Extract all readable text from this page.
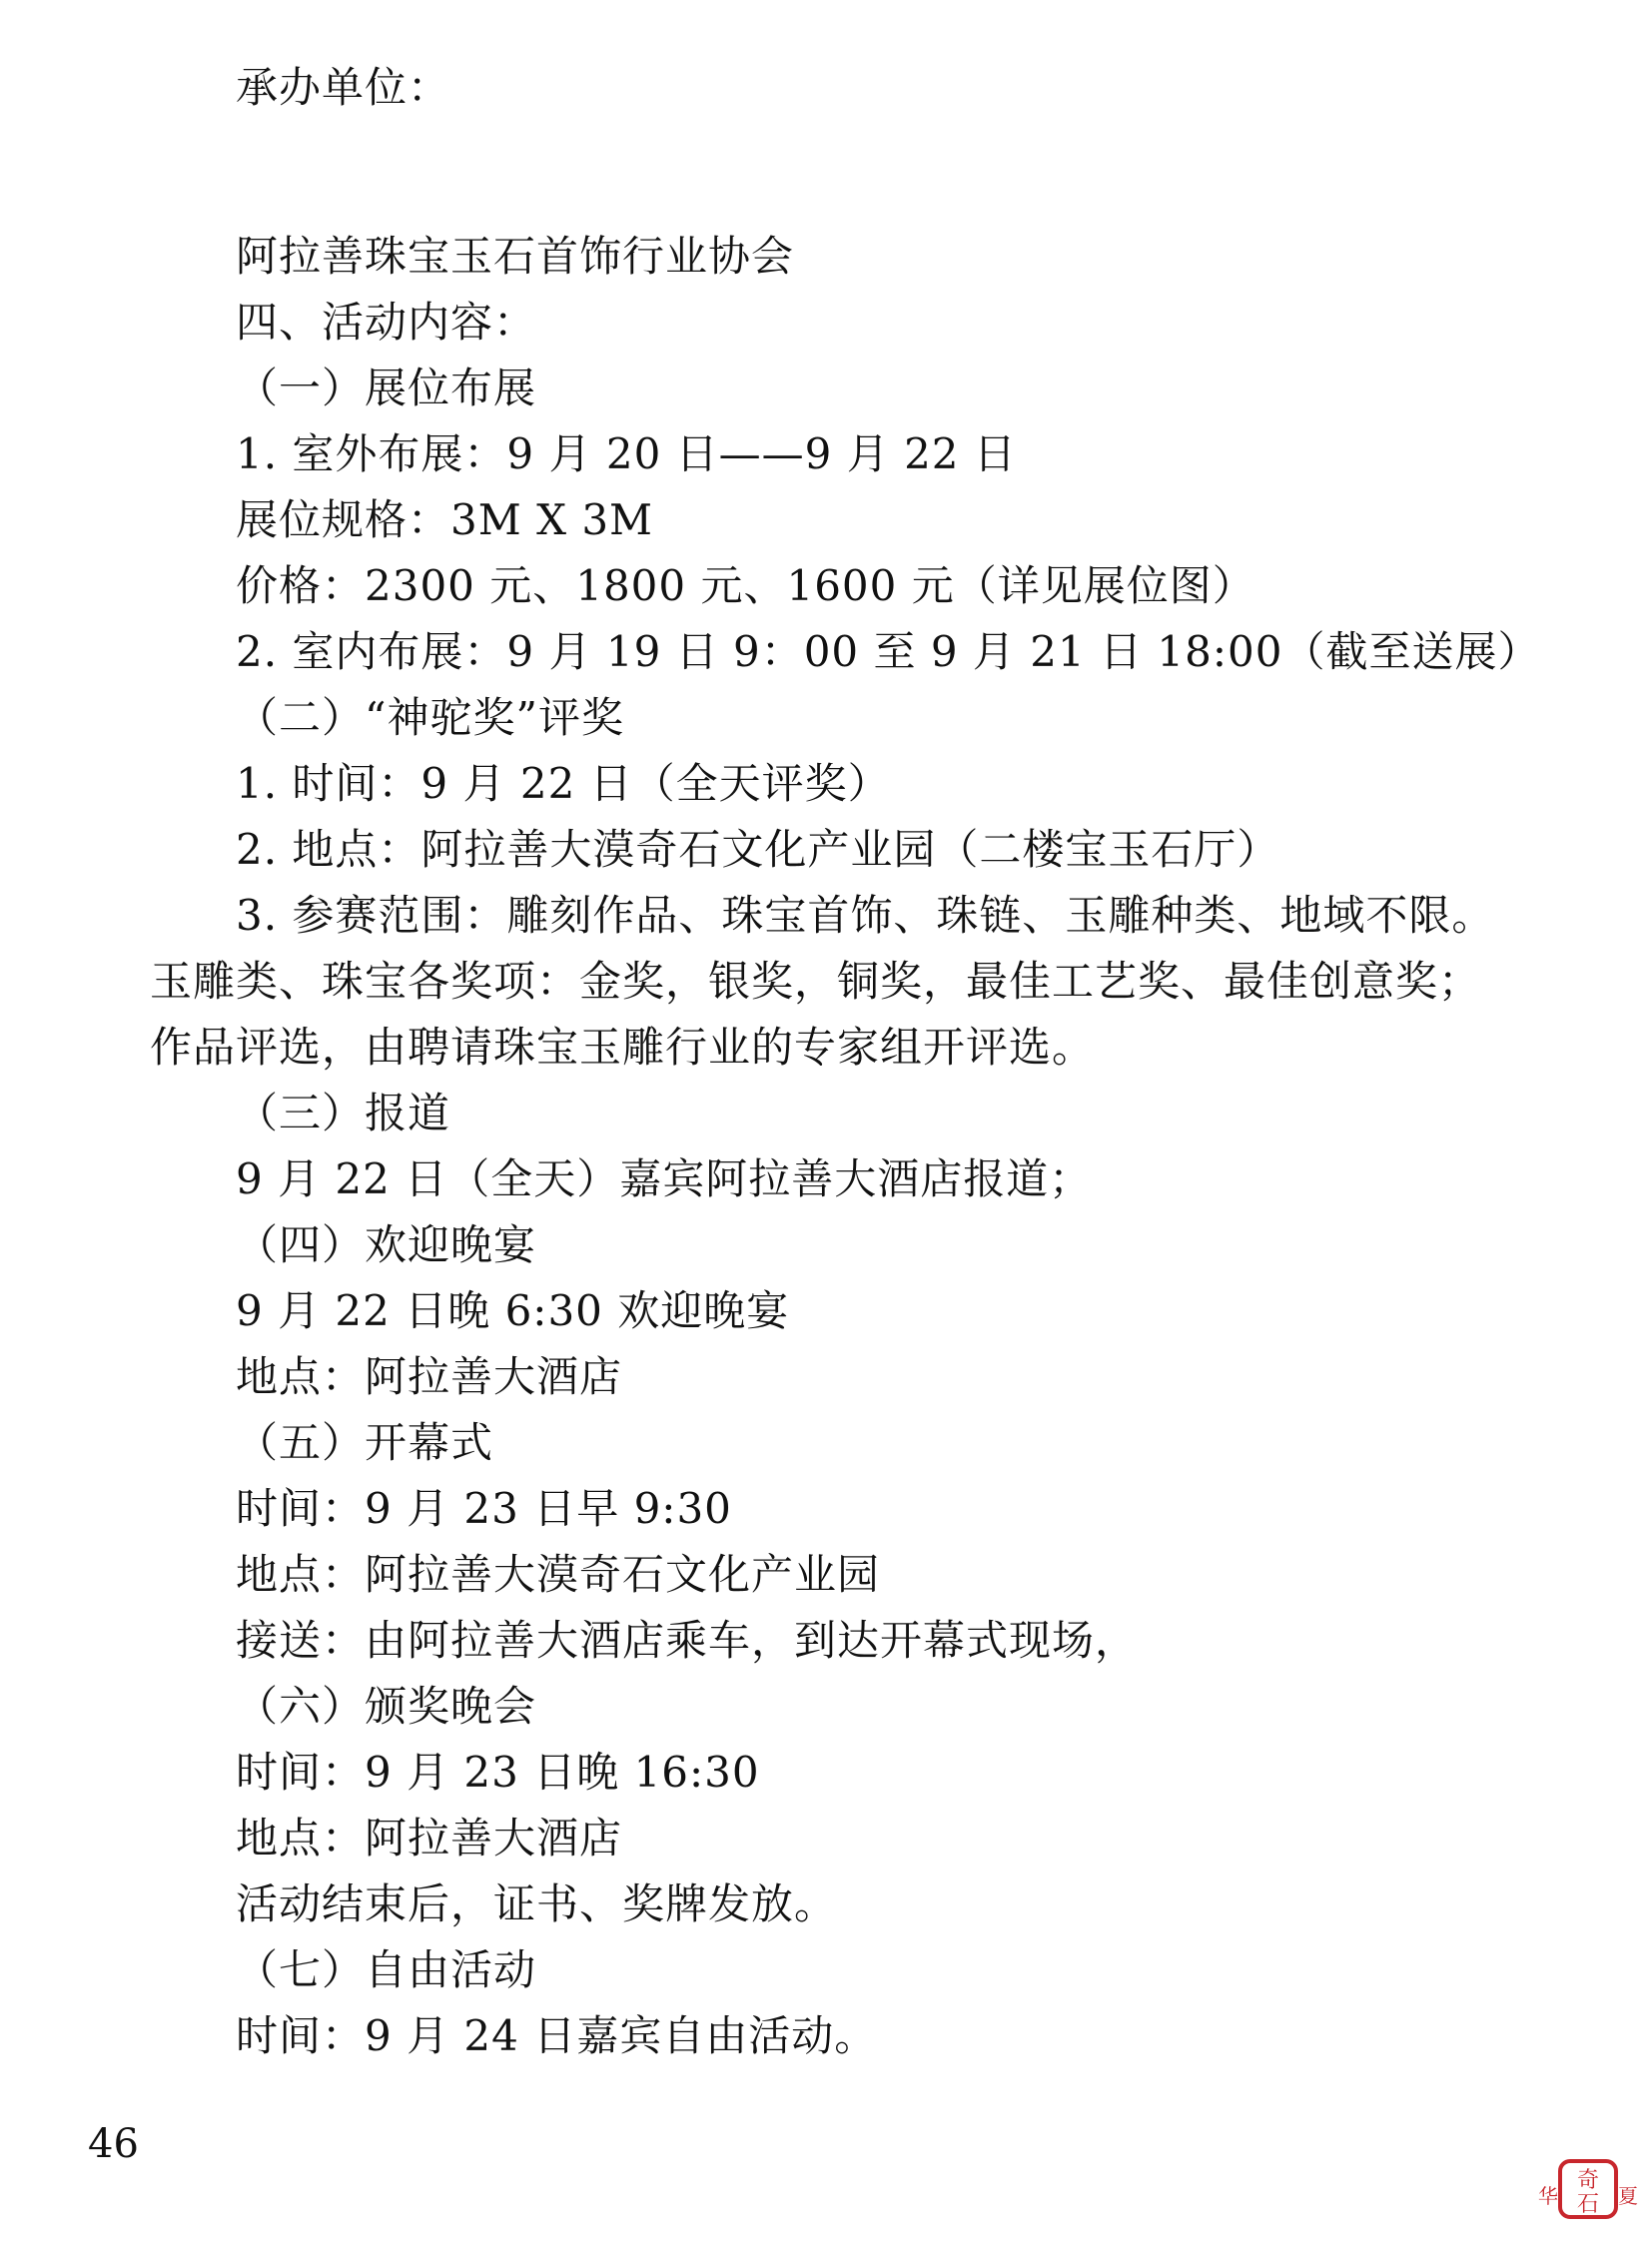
承办单位：

阿拉善珠宝玉石首饰行业协会

四、活动内容：

（一）展位布展

1. 室外布展：9 月 20 日——9 月 22 日

展位规格：3M X 3M

价格：2300 元、1800 元、1600 元（详见展位图）

2. 室内布展：9 月 19 日 9：00 至 9 月 21 日 18:00（截至送展）

（二）“神驼奖”评奖

1. 时间：9 月 22 日（全天评奖）

2. 地点：阿拉善大漠奇石文化产业园（二楼宝玉石厅）

3. 参赛范围：雕刻作品、珠宝首饰、珠链、玉雕种类、地域不限。

玉雕类、珠宝各奖项：金奖，银奖，铜奖，最佳工艺奖、最佳创意奖；

作品评选，由聘请珠宝玉雕行业的专家组开评选。

（三）报道

9 月 22 日（全天）嘉宾阿拉善大酒店报道；

（四）欢迎晚宴

9 月 22 日晚 6:30 欢迎晚宴

地点：阿拉善大酒店

（五）开幕式

时间：9 月 23 日早 9:30

地点：阿拉善大漠奇石文化产业园

接送：由阿拉善大酒店乘车，到达开幕式现场，

（六）颁奖晚会

时间：9 月 23 日晚 16:30

地点：阿拉善大酒店

活动结束后，证书、奖牌发放。

（七）自由活动

时间：9 月 24 日嘉宾自由活动。

46

奇
石
华	夏
